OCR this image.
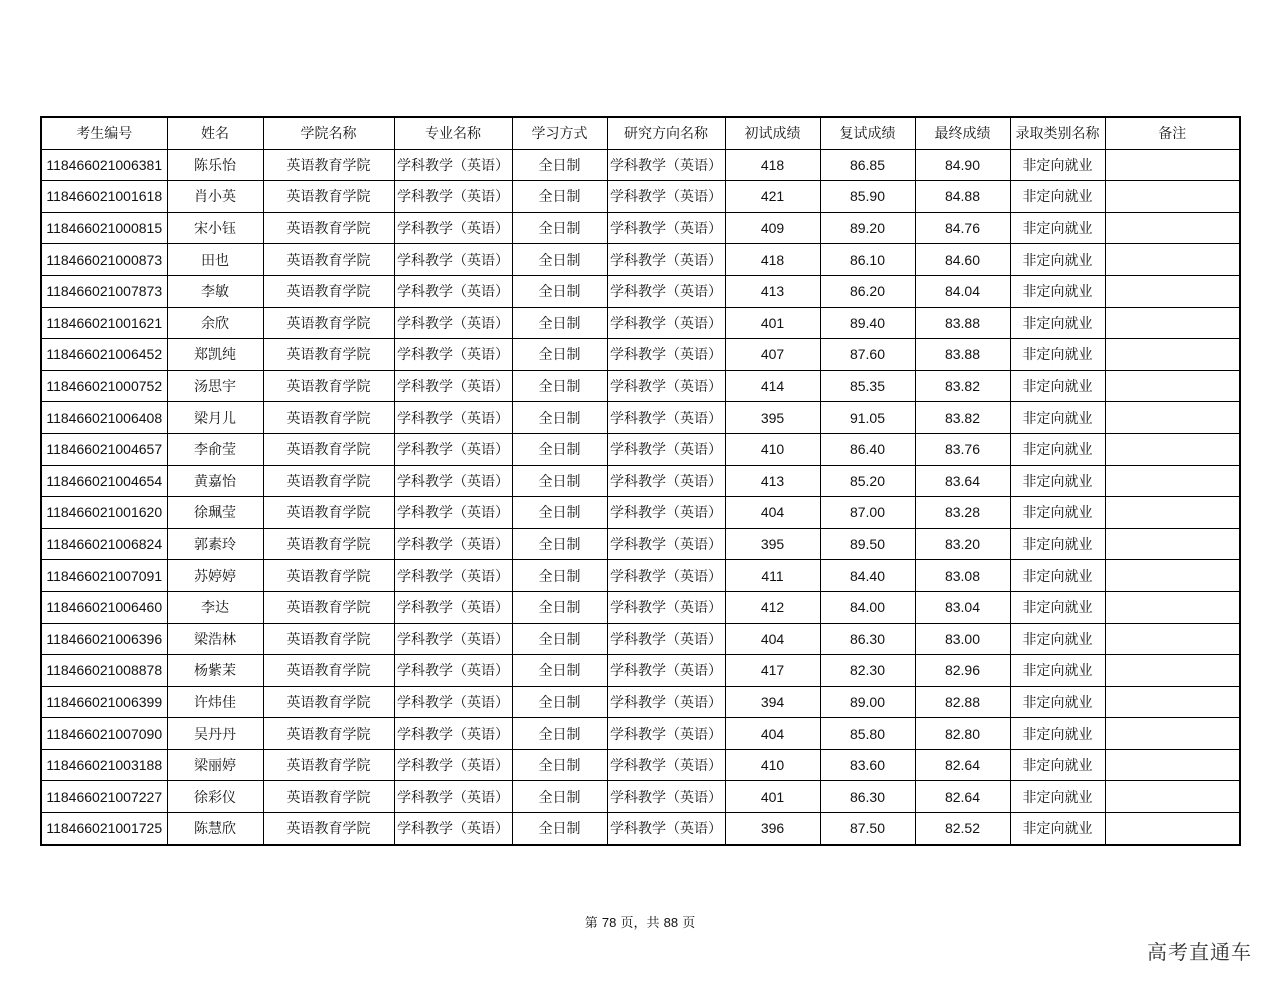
考生编号	姓名	学院名称	专业名称	学习方式	研究方向名称	初试成绩	复试成绩	最终成绩	录取类别名称	备注
118466021006381	陈乐怡	英语教育学院	学科教学（英语）	全日制	学科教学（英语）	418	86.85	84.90	非定向就业	
118466021001618	肖小英	英语教育学院	学科教学（英语）	全日制	学科教学（英语）	421	85.90	84.88	非定向就业	
118466021000815	宋小钰	英语教育学院	学科教学（英语）	全日制	学科教学（英语）	409	89.20	84.76	非定向就业	
118466021000873	田也	英语教育学院	学科教学（英语）	全日制	学科教学（英语）	418	86.10	84.60	非定向就业	
118466021007873	李敏	英语教育学院	学科教学（英语）	全日制	学科教学（英语）	413	86.20	84.04	非定向就业	
118466021001621	余欣	英语教育学院	学科教学（英语）	全日制	学科教学（英语）	401	89.40	83.88	非定向就业	
118466021006452	郑凯纯	英语教育学院	学科教学（英语）	全日制	学科教学（英语）	407	87.60	83.88	非定向就业	
118466021000752	汤思宇	英语教育学院	学科教学（英语）	全日制	学科教学（英语）	414	85.35	83.82	非定向就业	
118466021006408	梁月儿	英语教育学院	学科教学（英语）	全日制	学科教学（英语）	395	91.05	83.82	非定向就业	
118466021004657	李俞莹	英语教育学院	学科教学（英语）	全日制	学科教学（英语）	410	86.40	83.76	非定向就业	
118466021004654	黄嘉怡	英语教育学院	学科教学（英语）	全日制	学科教学（英语）	413	85.20	83.64	非定向就业	
118466021001620	徐珮莹	英语教育学院	学科教学（英语）	全日制	学科教学（英语）	404	87.00	83.28	非定向就业	
118466021006824	郭素玲	英语教育学院	学科教学（英语）	全日制	学科教学（英语）	395	89.50	83.20	非定向就业	
118466021007091	苏婷婷	英语教育学院	学科教学（英语）	全日制	学科教学（英语）	411	84.40	83.08	非定向就业	
118466021006460	李达	英语教育学院	学科教学（英语）	全日制	学科教学（英语）	412	84.00	83.04	非定向就业	
118466021006396	梁浩林	英语教育学院	学科教学（英语）	全日制	学科教学（英语）	404	86.30	83.00	非定向就业	
118466021008878	杨紫茉	英语教育学院	学科教学（英语）	全日制	学科教学（英语）	417	82.30	82.96	非定向就业	
118466021006399	许炜佳	英语教育学院	学科教学（英语）	全日制	学科教学（英语）	394	89.00	82.88	非定向就业	
118466021007090	吴丹丹	英语教育学院	学科教学（英语）	全日制	学科教学（英语）	404	85.80	82.80	非定向就业	
118466021003188	梁丽婷	英语教育学院	学科教学（英语）	全日制	学科教学（英语）	410	83.60	82.64	非定向就业	
118466021007227	徐彩仪	英语教育学院	学科教学（英语）	全日制	学科教学（英语）	401	86.30	82.64	非定向就业	
118466021001725	陈慧欣	英语教育学院	学科教学（英语）	全日制	学科教学（英语）	396	87.50	82.52	非定向就业	
第 78 页，共 88 页
高考直通车
